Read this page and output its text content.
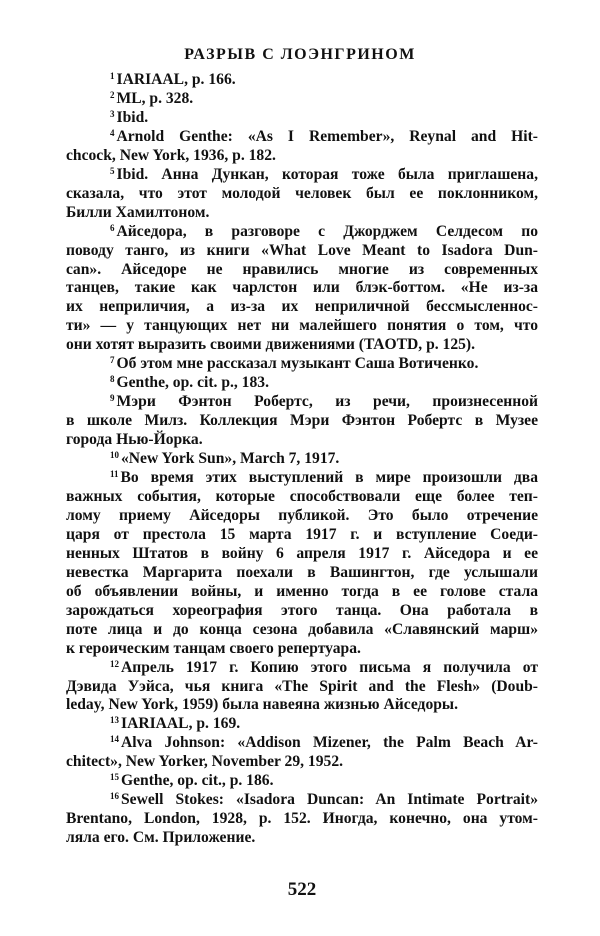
РАЗРЫВ С ЛОЭНГРИНОМ
$^1$ IARIAAL, p. 166.
$^2$ ML, p. 328.
$^3$ Ibid.
$^4$ Arnold Genthe: «As I Remember», Reynal and Hit-
chcock, New York, 1936, p. 182.
$^5$ Ibid. Анна Дункан, которая тоже была приглашена,
сказала, что этот молодой человек был ее поклонником,
Билли Хамилтоном.
$^6$ Айседора, в разговоре с Джорджем Селдесом по
поводу танго, из книги «What Love Meant to Isadora Dun-
can». Айседоре не нравились многие из современных
танцев, такие как чарлстон или блэк-боттом. «Не из-за
их неприличия, а из-за их неприличной бессмысленнос-
ти» — у танцующих нет ни малейшего понятия о том, что
они хотят выразить своими движениями (TAOTD, p. 125).
$^7$ Об этом мне рассказал музыкант Саша Вотиченко.
$^8$ Genthe, op. cit. p., 183.
$^9$ Мэри Фэнтон Робертс, из речи, произнесенной
в школе Милз. Коллекция Мэри Фэнтон Робертс в Музее
города Нью-Йорка.
$^{10}$ «New York Sun», March 7, 1917.
$^{11}$ Во время этих выступлений в мире произошли два
важных события, которые способствовали еще более теп-
лому приему Айседоры публикой. Это было отречение
царя от престола 15 марта 1917 г. и вступление Соеди-
ненных Штатов в войну 6 апреля 1917 г. Айседора и ее
невестка Маргарита поехали в Вашингтон, где услышали
об объявлении войны, и именно тогда в ее голове стала
зарождаться хореография этого танца. Она работала в
поте лица и до конца сезона добавила «Славянский марш»
к героическим танцам своего репертуара.
$^{12}$ Апрель 1917 г. Копию этого письма я получила от
Дэвида Уэйса, чья книга «The Spirit and the Flesh» (Doub-
leday, New York, 1959) была навеяна жизнью Айседоры.
$^{13}$ IARIAAL, p. 169.
$^{14}$ Alva Johnson: «Addison Mizener, the Palm Beach Ar-
chitect», New Yorker, November 29, 1952.
$^{15}$ Genthe, op. cit., p. 186.
$^{16}$ Sewell Stokes: «Isadora Duncan: An Intimate Portrait»
Brentano, London, 1928, p. 152. Иногда, конечно, она утом-
ляла его. См. Приложение.
522
